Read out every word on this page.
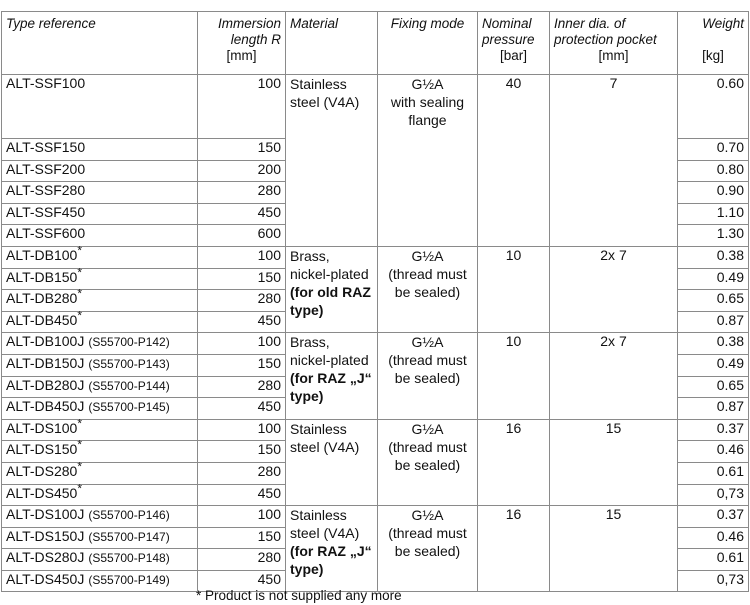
Type reference	Immersion
length R
[mm]	Material	Fixing mode	Nominal
pressure
[bar]	Inner dia. of
protection pocket
[mm]	Weight
[kg]

ALT-SSF100	100	Stainless
steel (V4A)	G½A
with sealing
flange	40	7	0.60
ALT-SSF150	150					0.70
ALT-SSF200	200					0.80
ALT-SSF280	280					0.90
ALT-SSF450	450					1.10
ALT-SSF600	600					1.30
ALT-DB100*	100	Brass,
nickel-plated
(for old RAZ
type)	G½A
(thread must
be sealed)	10	2x 7	0.38
ALT-DB150*	150					0.49
ALT-DB280*	280					0.65
ALT-DB450*	450					0.87
ALT-DB100J (S55700-P142)	100	Brass,
nickel-plated
(for RAZ „J“
type)	G½A
(thread must
be sealed)	10	2x 7	0.38
ALT-DB150J (S55700-P143)	150					0.49
ALT-DB280J (S55700-P144)	280					0.65
ALT-DB450J (S55700-P145)	450					0.87
ALT-DS100*	100	Stainless
steel (V4A)	G½A
(thread must
be sealed)	16	15	0.37
ALT-DS150*	150					0.46
ALT-DS280*	280					0.61
ALT-DS450*	450					0,73
ALT-DS100J (S55700-P146)	100	Stainless
steel (V4A)
(for RAZ „J“
type)	G½A
(thread must
be sealed)	16	15	0.37
ALT-DS150J (S55700-P147)	150					0.46
ALT-DS280J (S55700-P148)	280					0.61
ALT-DS450J (S55700-P149)	450					0,73
* Product is not supplied any more
